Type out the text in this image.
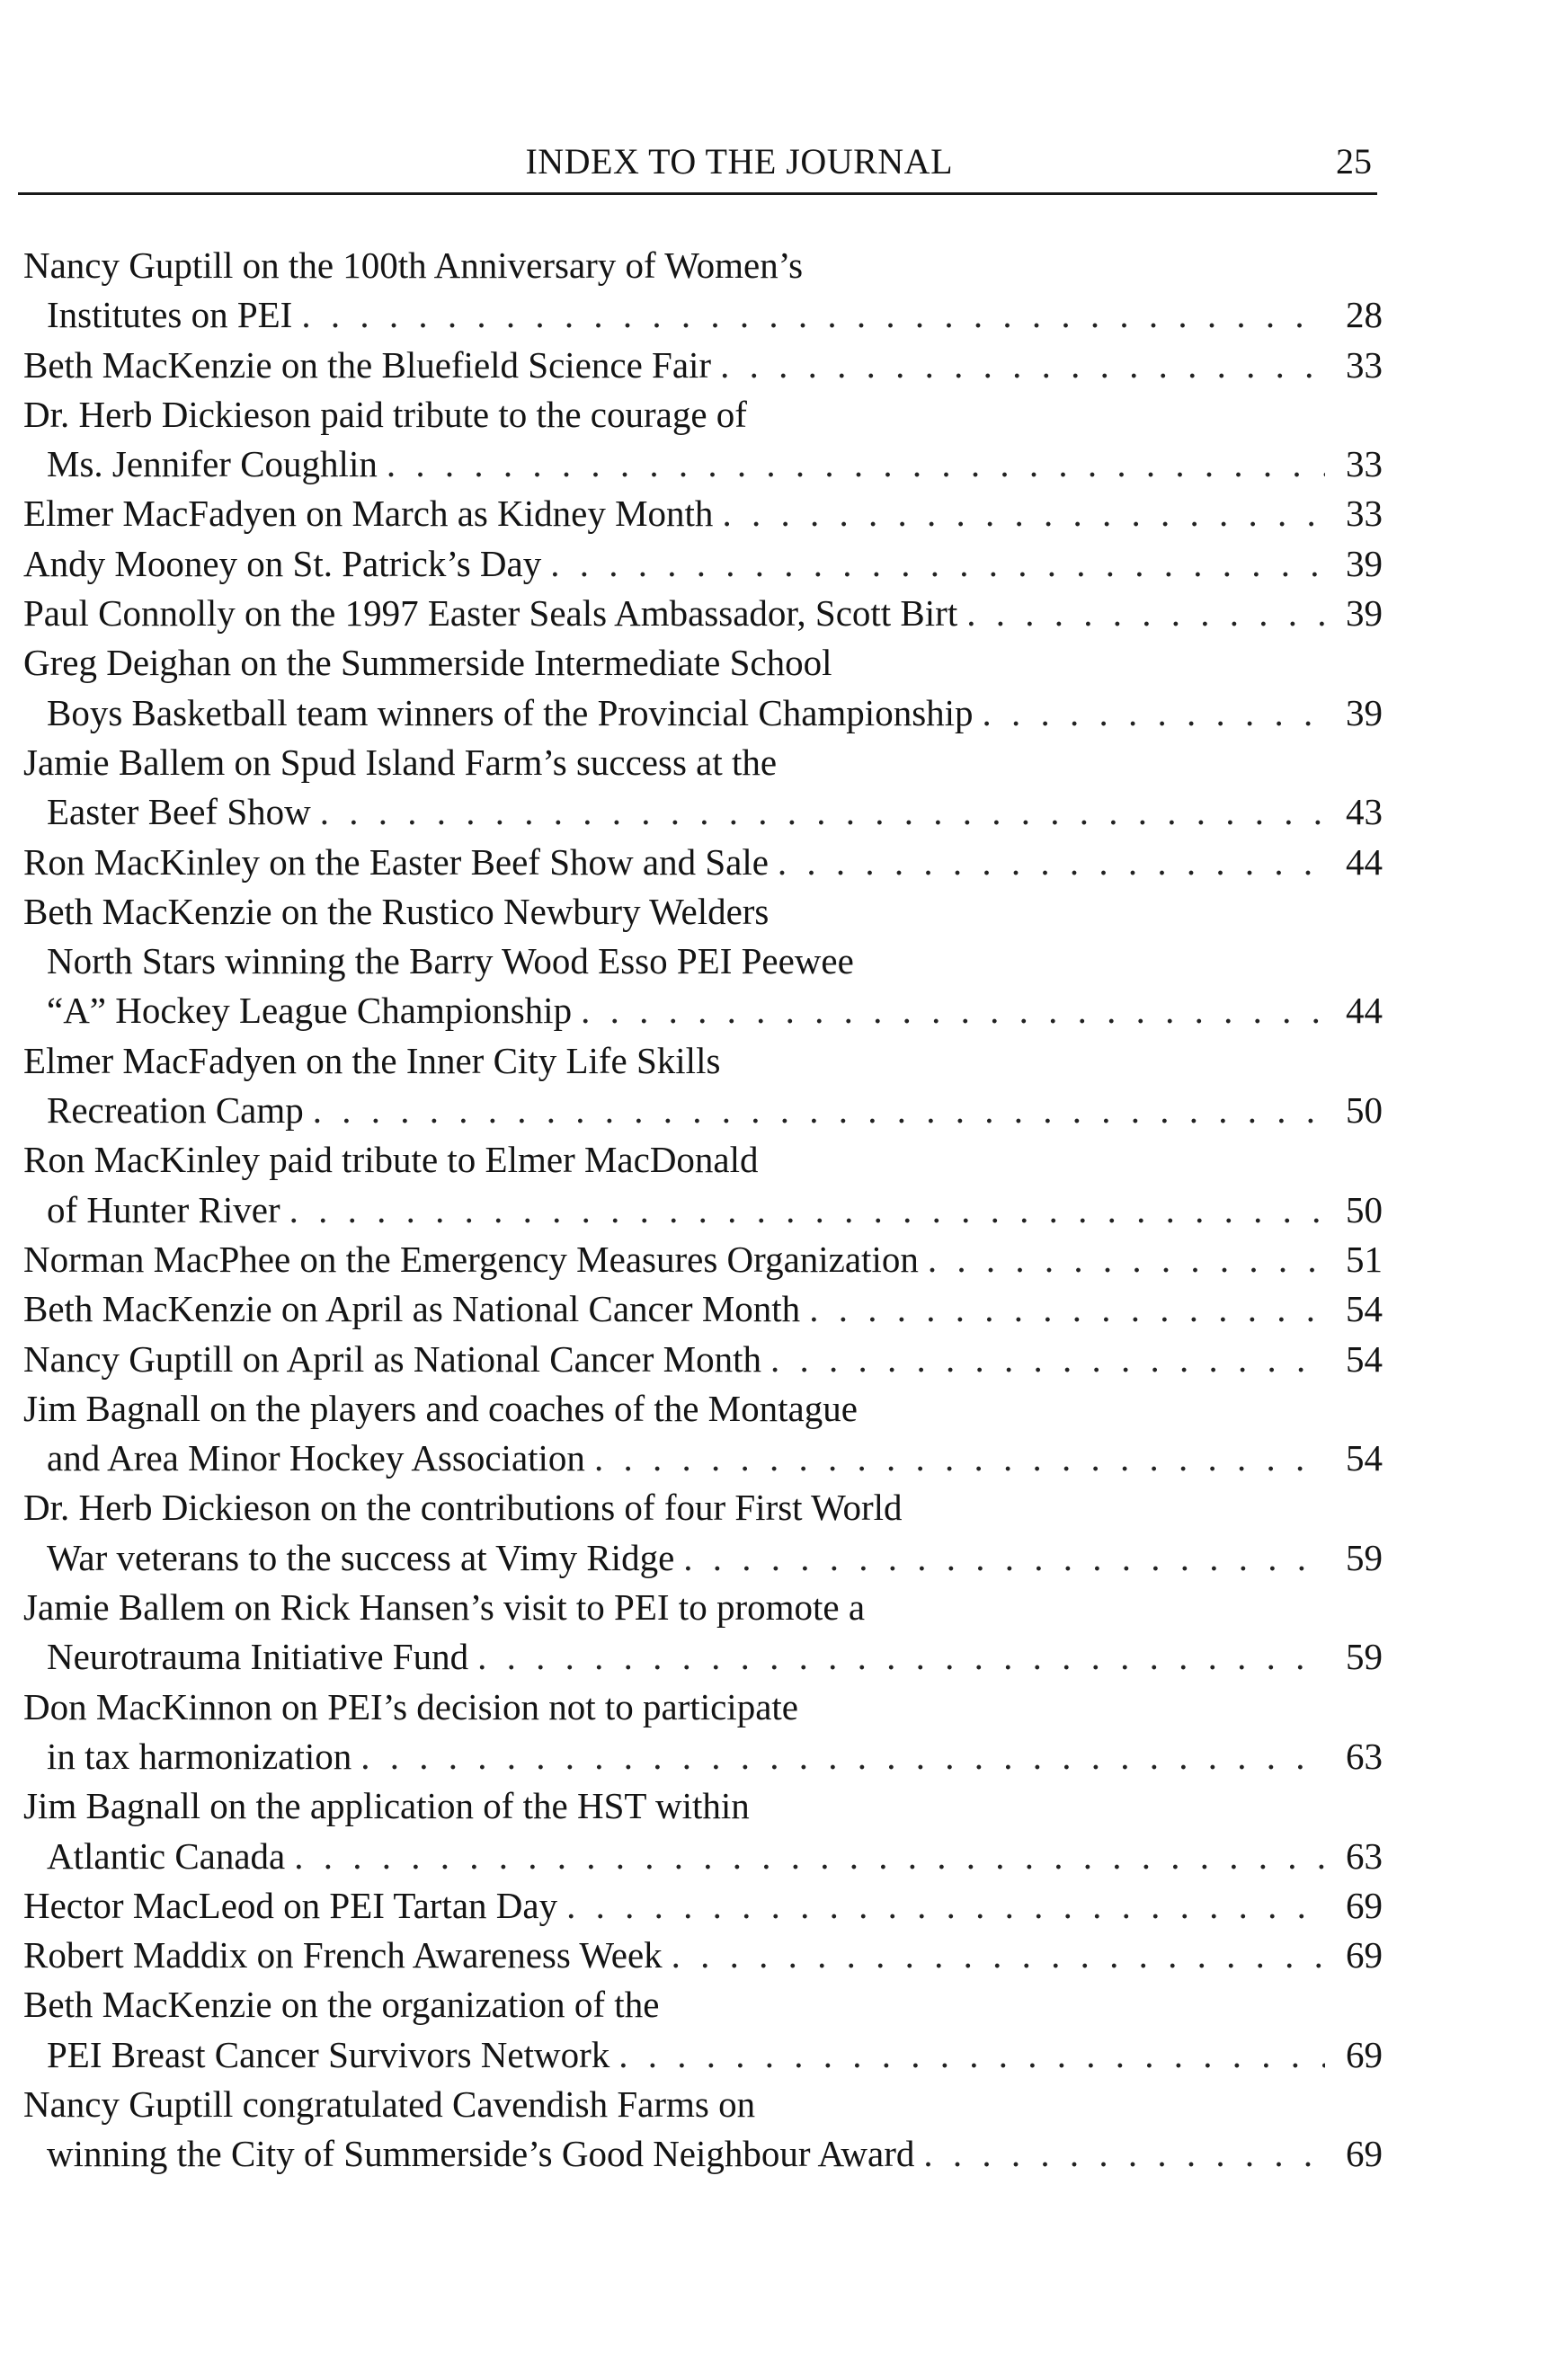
INDEX TO THE JOURNAL	25
Nancy Guptill on the 100th Anniversary of Women’s
Institutes on PEI . . .	28
Beth MacKenzie on the Bluefield Science Fair . . .	33
Dr. Herb Dickieson paid tribute to the courage of
Ms. Jennifer Coughlin . . .	33
Elmer MacFadyen on March as Kidney Month . . .	33
Andy Mooney on St. Patrick’s Day . . .	39
Paul Connolly on the 1997 Easter Seals Ambassador, Scott Birt . . .	39
Greg Deighan on the Summerside Intermediate School
Boys Basketball team winners of the Provincial Championship . . .	39
Jamie Ballem on Spud Island Farm’s success at the
Easter Beef Show . . .	43
Ron MacKinley on the Easter Beef Show and Sale . . .	44
Beth MacKenzie on the Rustico Newbury Welders
North Stars winning the Barry Wood Esso PEI Peewee
“A” Hockey League Championship . . .	44
Elmer MacFadyen on the Inner City Life Skills
Recreation Camp . . .	50
Ron MacKinley paid tribute to Elmer MacDonald
of Hunter River . . .	50
Norman MacPhee on the Emergency Measures Organization . . .	51
Beth MacKenzie on April as National Cancer Month . . .	54
Nancy Guptill on April as National Cancer Month . . .	54
Jim Bagnall on the players and coaches of the Montague
and Area Minor Hockey Association . . .	54
Dr. Herb Dickieson on the contributions of four First World
War veterans to the success at Vimy Ridge . . .	59
Jamie Ballem on Rick Hansen’s visit to PEI to promote a
Neurotrauma Initiative Fund . . .	59
Don MacKinnon on PEI’s decision not to participate
in tax harmonization . . .	63
Jim Bagnall on the application of the HST within
Atlantic Canada . . .	63
Hector MacLeod on PEI Tartan Day . . .	69
Robert Maddix on French Awareness Week . . .	69
Beth MacKenzie on the organization of the
PEI Breast Cancer Survivors Network . . .	69
Nancy Guptill congratulated Cavendish Farms on
winning the City of Summerside’s Good Neighbour Award . . .	69
